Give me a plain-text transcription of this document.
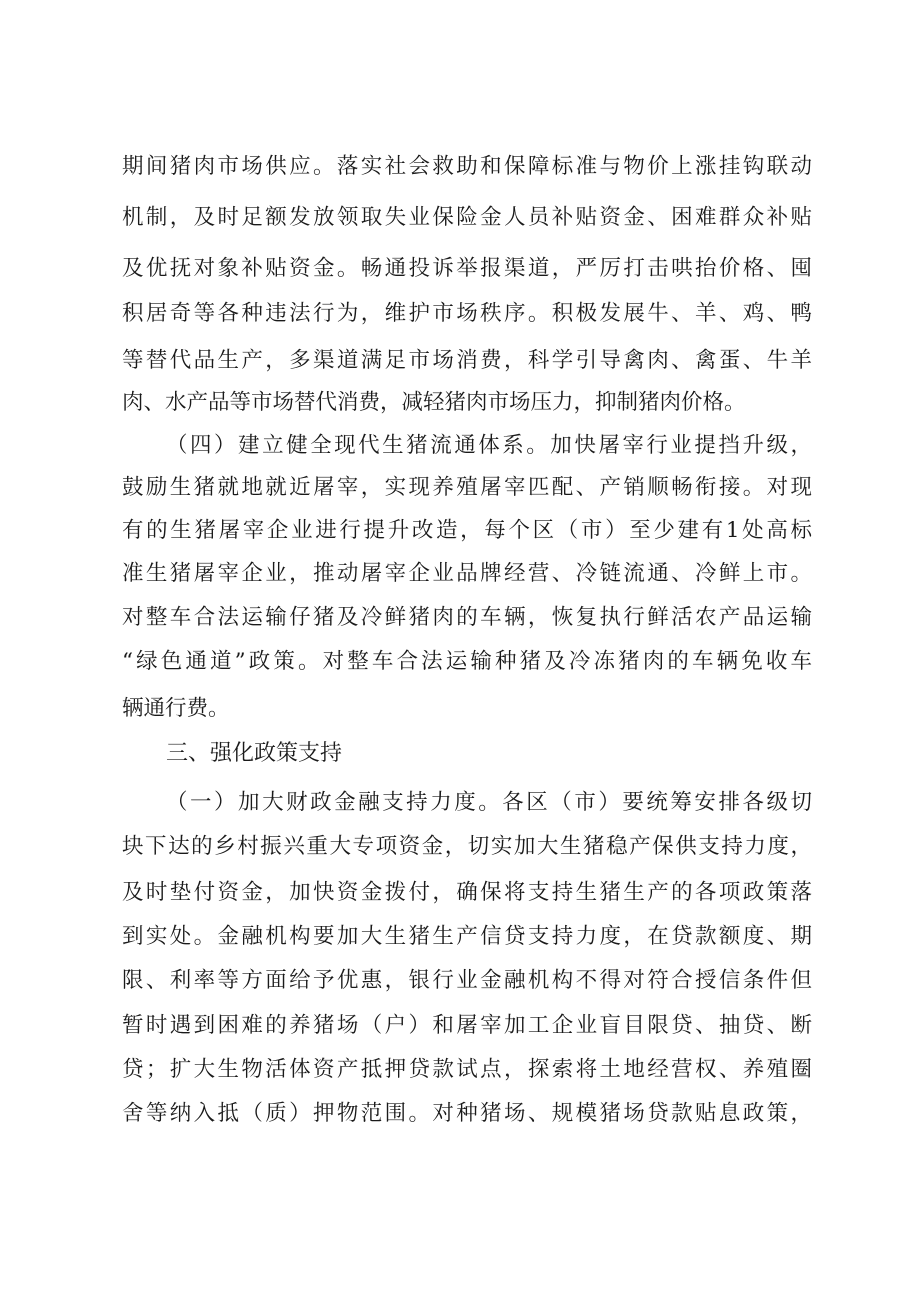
期间猪肉市场供应。落实社会救助和保障标准与物价上涨挂钩联动
机制，及时足额发放领取失业保险金人员补贴资金、困难群众补贴
及优抚对象补贴资金。畅通投诉举报渠道，严厉打击哄抬价格、囤
积居奇等各种违法行为，维护市场秩序。积极发展牛、羊、鸡、鸭
等替代品生产，多渠道满足市场消费，科学引导禽肉、禽蛋、牛羊
肉、水产品等市场替代消费，减轻猪肉市场压力，抑制猪肉价格。
（四）建立健全现代生猪流通体系。加快屠宰行业提挡升级，
鼓励生猪就地就近屠宰，实现养殖屠宰匹配、产销顺畅衔接。对现
有的生猪屠宰企业进行提升改造，每个区（市）至少建有1处高标
准生猪屠宰企业，推动屠宰企业品牌经营、冷链流通、冷鲜上市。
对整车合法运输仔猪及冷鲜猪肉的车辆，恢复执行鲜活农产品运输
“绿色通道”政策。对整车合法运输种猪及冷冻猪肉的车辆免收车
辆通行费。
三、强化政策支持
（一）加大财政金融支持力度。各区（市）要统筹安排各级切
块下达的乡村振兴重大专项资金，切实加大生猪稳产保供支持力度，
及时垫付资金，加快资金拨付，确保将支持生猪生产的各项政策落
到实处。金融机构要加大生猪生产信贷支持力度，在贷款额度、期
限、利率等方面给予优惠，银行业金融机构不得对符合授信条件但
暂时遇到困难的养猪场（户）和屠宰加工企业盲目限贷、抽贷、断
贷；扩大生物活体资产抵押贷款试点，探索将土地经营权、养殖圈
舍等纳入抵（质）押物范围。对种猪场、规模猪场贷款贴息政策，
